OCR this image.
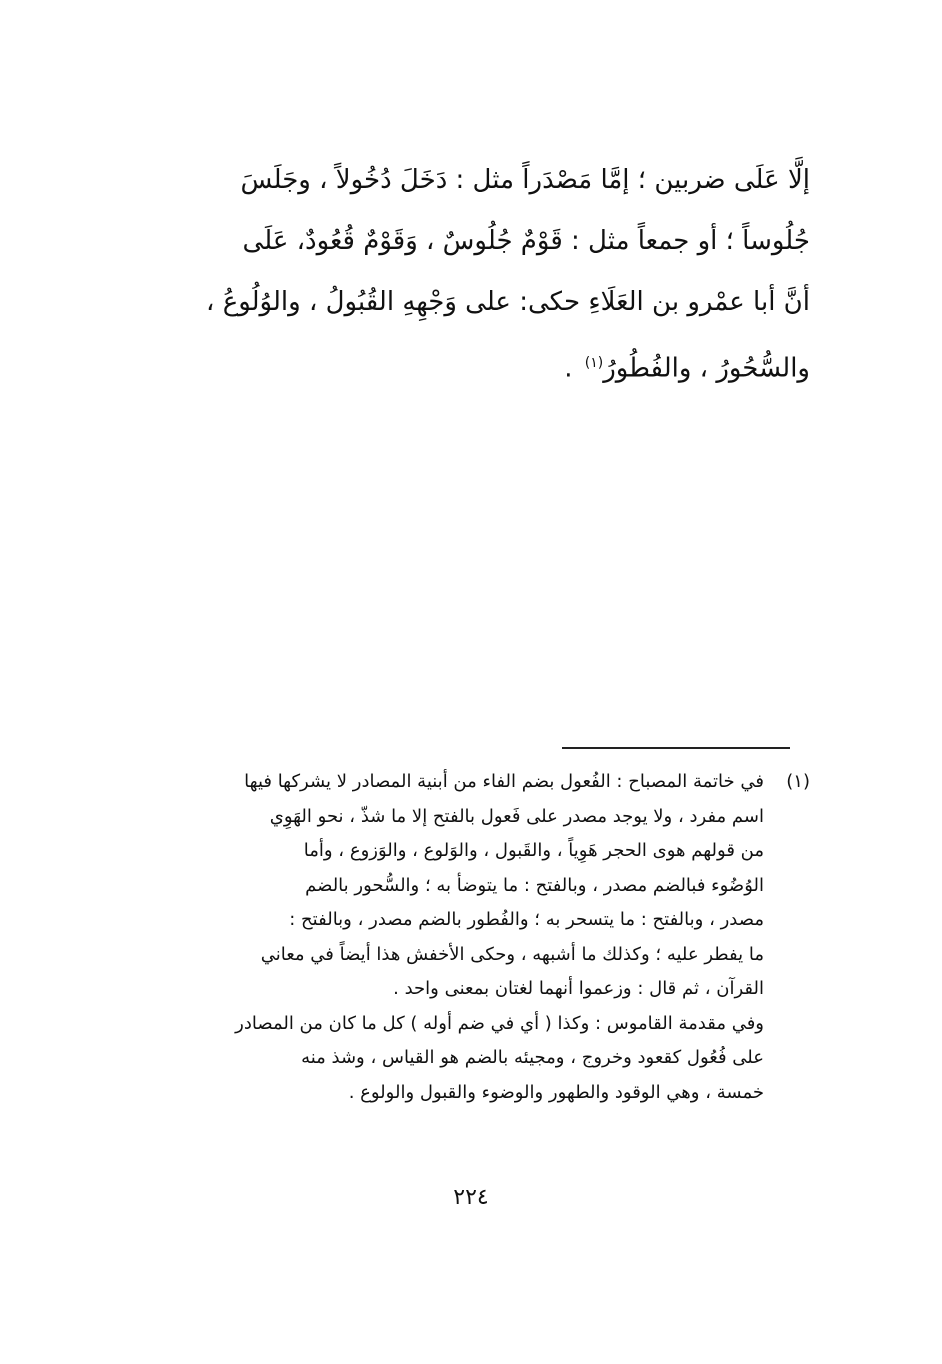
إلَّا عَلَى ضربين ؛ إمَّا مَصْدَراً مثل : دَخَلَ دُخُولاً ، وجَلَسَ
جُلُوساً ؛ أو جمعاً مثل : قَوْمٌ جُلُوسٌ ، وَقَوْمٌ قُعُودٌ، عَلَى
أنَّ أبا عمْرو بن العَلَاءِ حكى: على وَجْهِهِ القُبُولُ ، والوُلُوعُ ،
والسُّحُورُ ، والفُطُورُ$^{(١)}$ .
(١)
في خاتمة المصباح : الفُعول بضم الفاء من أبنية المصادر لا يشركها فيها
اسم مفرد ، ولا يوجد مصدر على فَعول بالفتح إلا ما شذّ ، نحو الهَوِي
من قولهم هوى الحجر هَوِياً ، والقَبول ، والوَلوع ، والوَزوع ، وأما
الوُضُوء فبالضم مصدر ، وبالفتح : ما يتوضأ به ؛ والسُّحور بالضم
مصدر ، وبالفتح : ما يتسحر به ؛ والفُطور بالضم مصدر ، وبالفتح :
ما يفطر عليه ؛ وكذلك ما أشبهه ، وحكى الأخفش هذا أيضاً في معاني
القرآن ، ثم قال : وزعموا أنهما لغتان بمعنى واحد .
وفي مقدمة القاموس : وكذا ( أي في ضم أوله ) كل ما كان من المصادر
على فُعُول كقعود وخروج ، ومجيئه بالضم هو القياس ، وشذ منه
خمسة ، وهي الوقود والطهور والوضوء والقبول والولوع .
٢٢٤
